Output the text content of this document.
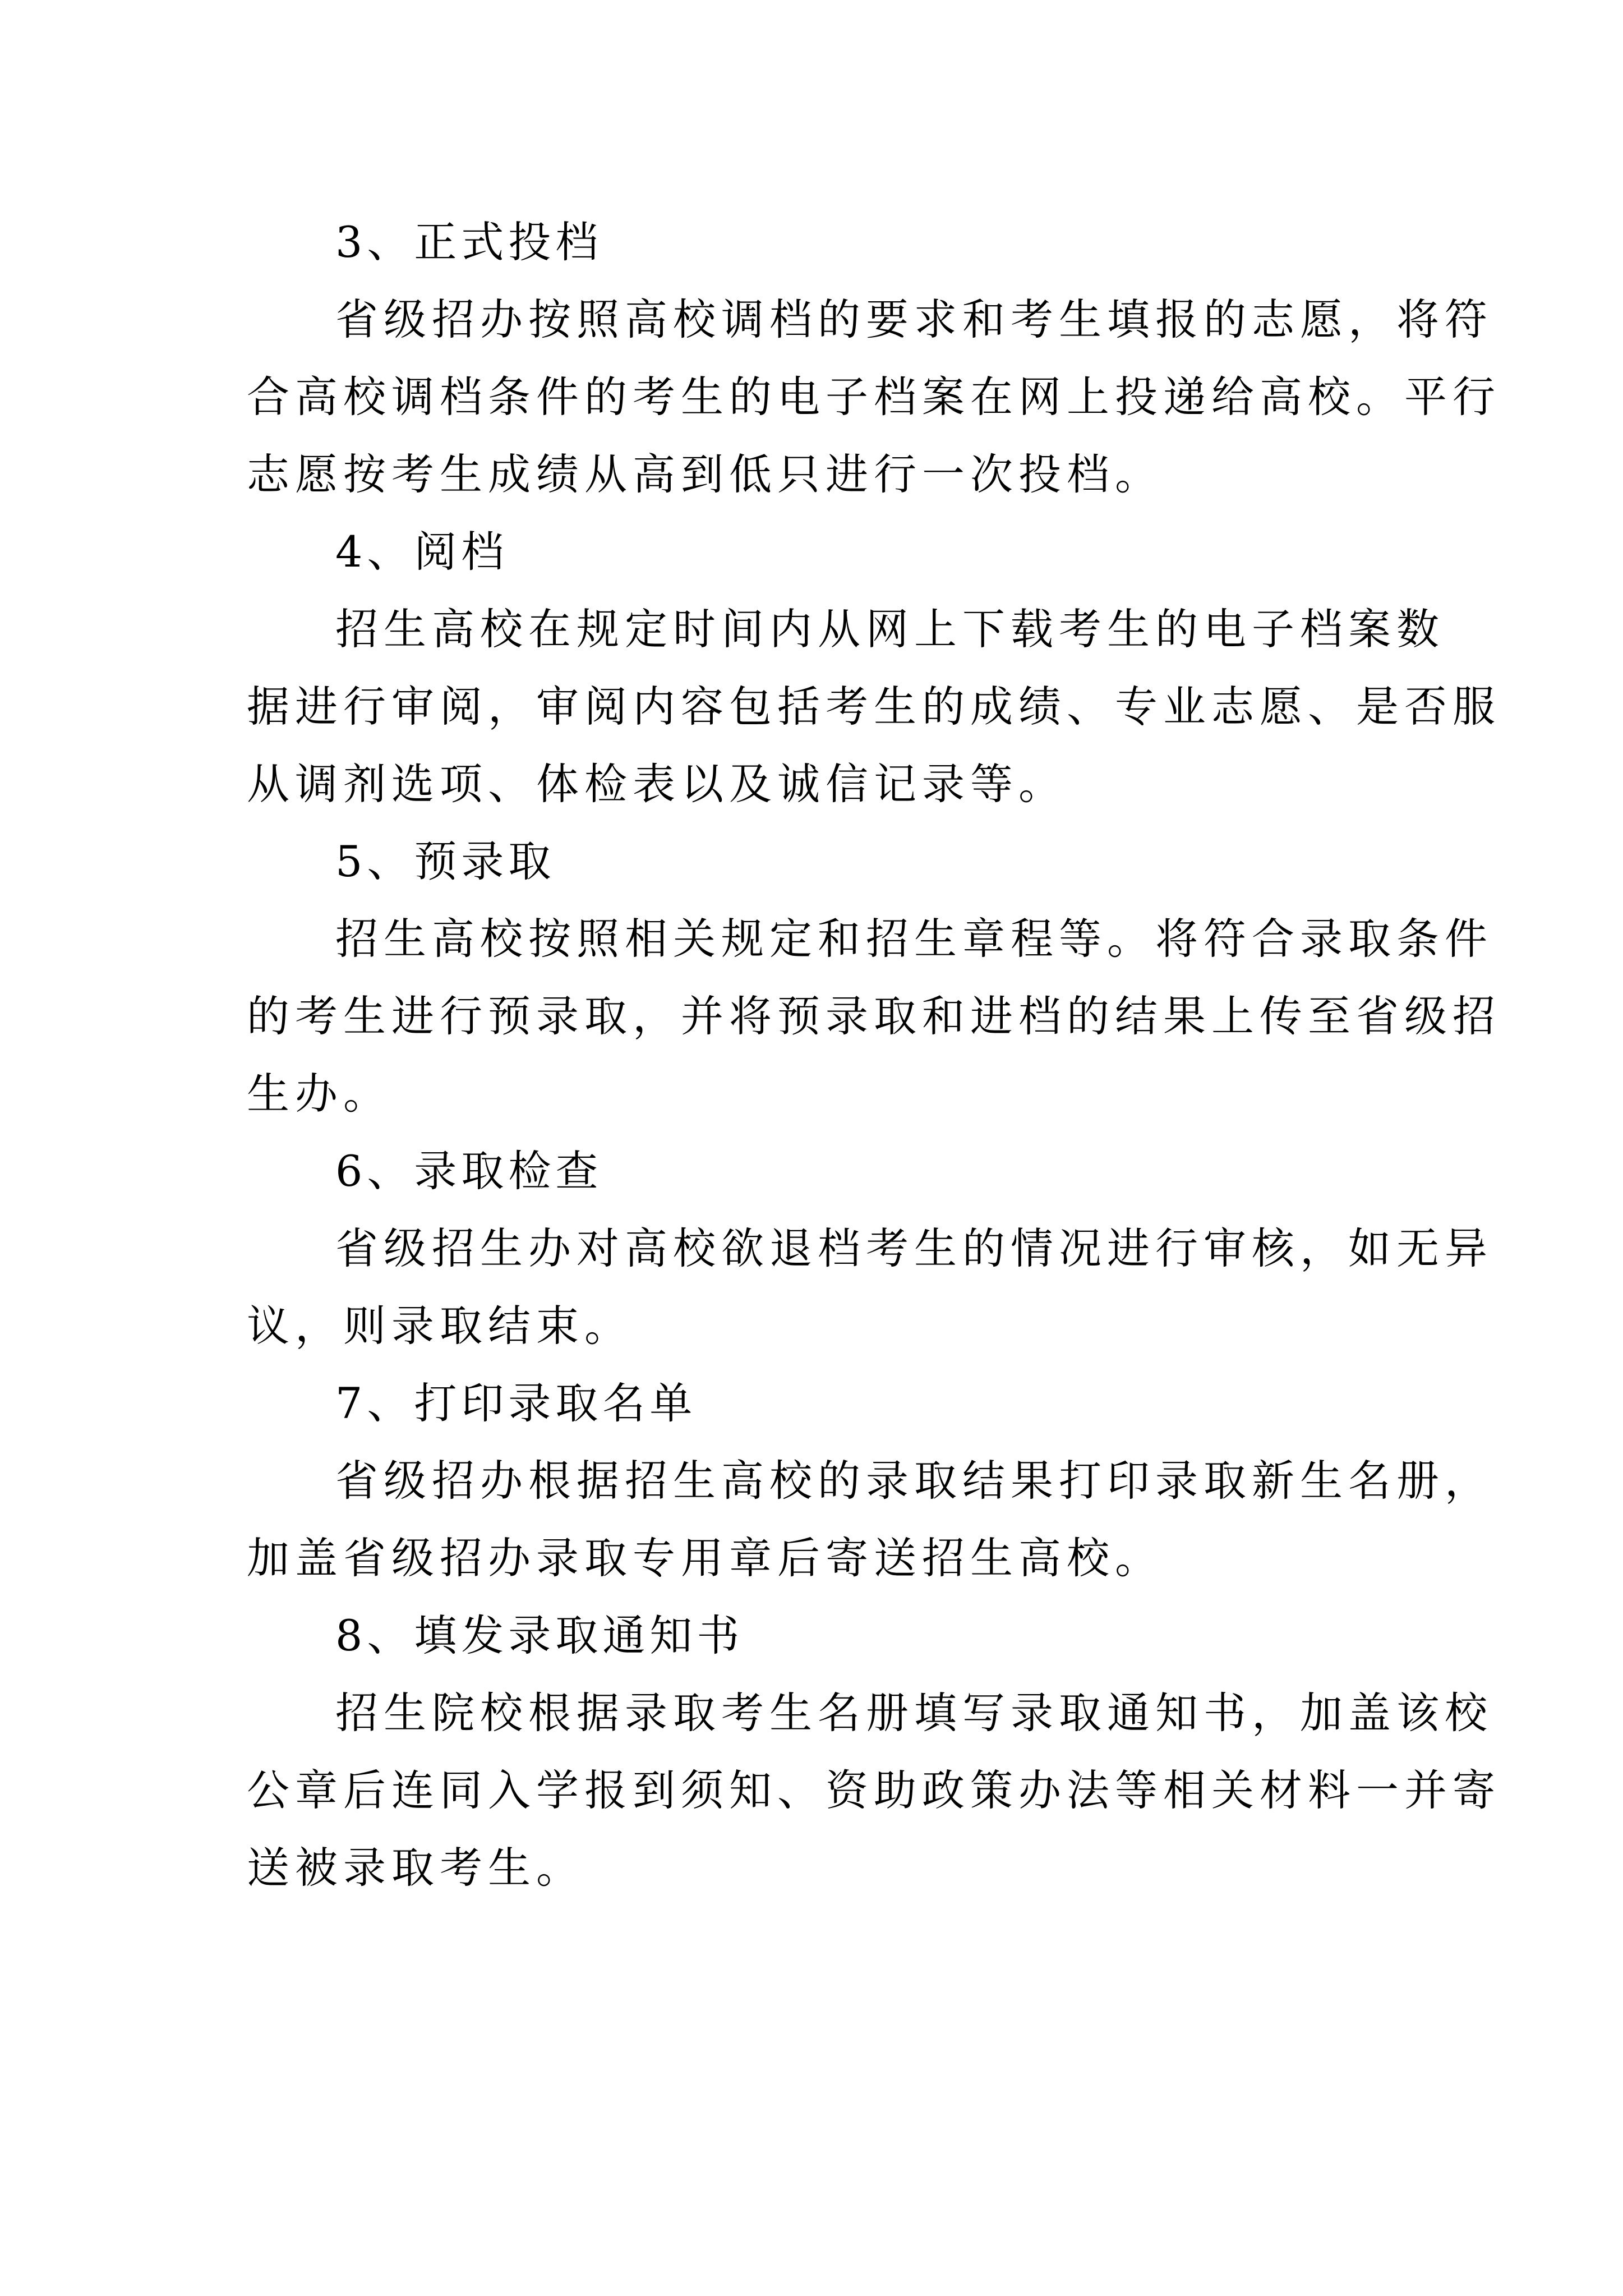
3、正式投档
省级招办按照高校调档的要求和考生填报的志愿，将符
合高校调档条件的考生的电子档案在网上投递给高校。平行
志愿按考生成绩从高到低只进行一次投档。
4、阅档
招生高校在规定时间内从网上下载考生的电子档案数
据进行审阅，审阅内容包括考生的成绩、专业志愿、是否服
从调剂选项、体检表以及诚信记录等。
5、预录取
招生高校按照相关规定和招生章程等。将符合录取条件
的考生进行预录取，并将预录取和进档的结果上传至省级招
生办。
6、录取检查
省级招生办对高校欲退档考生的情况进行审核，如无异
议，则录取结束。
7、打印录取名单
省级招办根据招生高校的录取结果打印录取新生名册，
加盖省级招办录取专用章后寄送招生高校。
8、填发录取通知书
招生院校根据录取考生名册填写录取通知书，加盖该校
公章后连同入学报到须知、资助政策办法等相关材料一并寄
送被录取考生。
